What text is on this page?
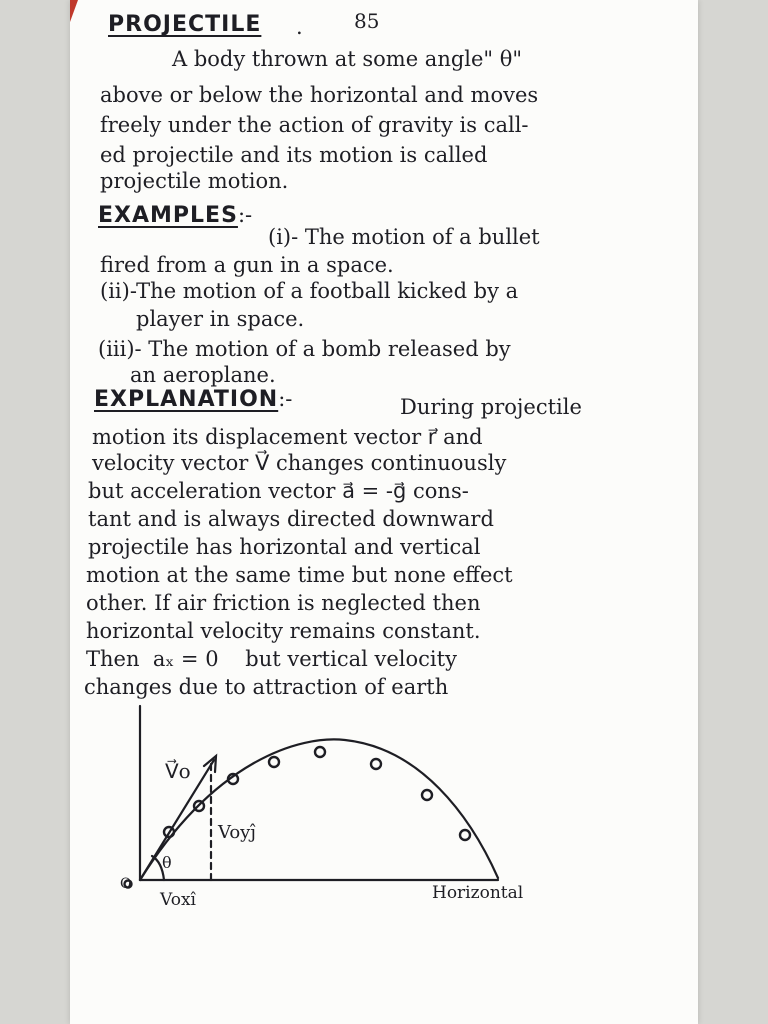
PROJECTILE .	85

A body thrown at some angle" θ"

above or below the horizontal and moves

freely under the action of gravity is call-

ed projectile and its motion is called

projectile motion.

EXAMPLES:-

(i)- The motion of a bullet

fired from a gun in a space.

(ii)-The motion of a football kicked by a

player in space.

(iii)- The motion of a bomb released by

an aeroplane.

EXPLANATION:-	During projectile

motion its displacement vector r⃗ and

velocity vector V⃗ changes continuously

but acceleration vector a⃗ = -g⃗ cons-

tant and is always directed downward

projectile has horizontal and vertical

motion at the same time but none effect

other. If air friction is neglected then

horizontal velocity remains constant.

Then  aₓ = 0    but vertical velocity

changes due to attraction of earth

O
V⃗o
Voyĵ
θ
Voxî	Horizontal
